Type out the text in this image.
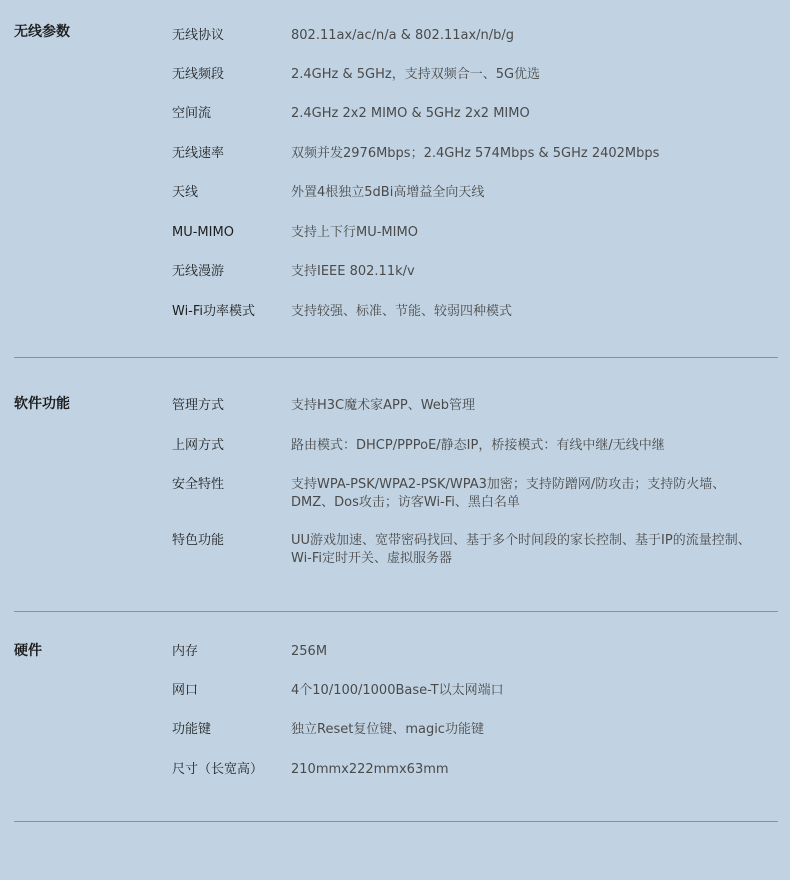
无线参数	无线协议	802.11ax/ac/n/a & 802.11ax/n/b/g
无线频段	2.4GHz & 5GHz，支持双频合一、5G优选
空间流	2.4GHz 2x2 MIMO & 5GHz 2x2 MIMO
无线速率	双频并发2976Mbps；2.4GHz 574Mbps & 5GHz 2402Mbps
天线	外置4根独立5dBi高增益全向天线
MU-MIMO	支持上下行MU-MIMO
无线漫游	支持IEEE 802.11k/v
Wi-Fi功率模式	支持较强、标准、节能、较弱四种模式
软件功能	管理方式	支持H3C魔术家APP、Web管理
上网方式	路由模式：DHCP/PPPoE/静态IP，桥接模式：有线中继/无线中继
安全特性	支持WPA-PSK/WPA2-PSK/WPA3加密；支持防蹭网/防攻击；支持防火墙、
DMZ、Dos攻击；访客Wi-Fi、黑白名单
特色功能	UU游戏加速、宽带密码找回、基于多个时间段的家长控制、基于IP的流量控制、
Wi-Fi定时开关、虚拟服务器
硬件	内存	256M
网口	4个10/100/1000Base-T以太网端口
功能键	独立Reset复位键、magic功能键
尺寸（长宽高）	210mmx222mmx63mm
